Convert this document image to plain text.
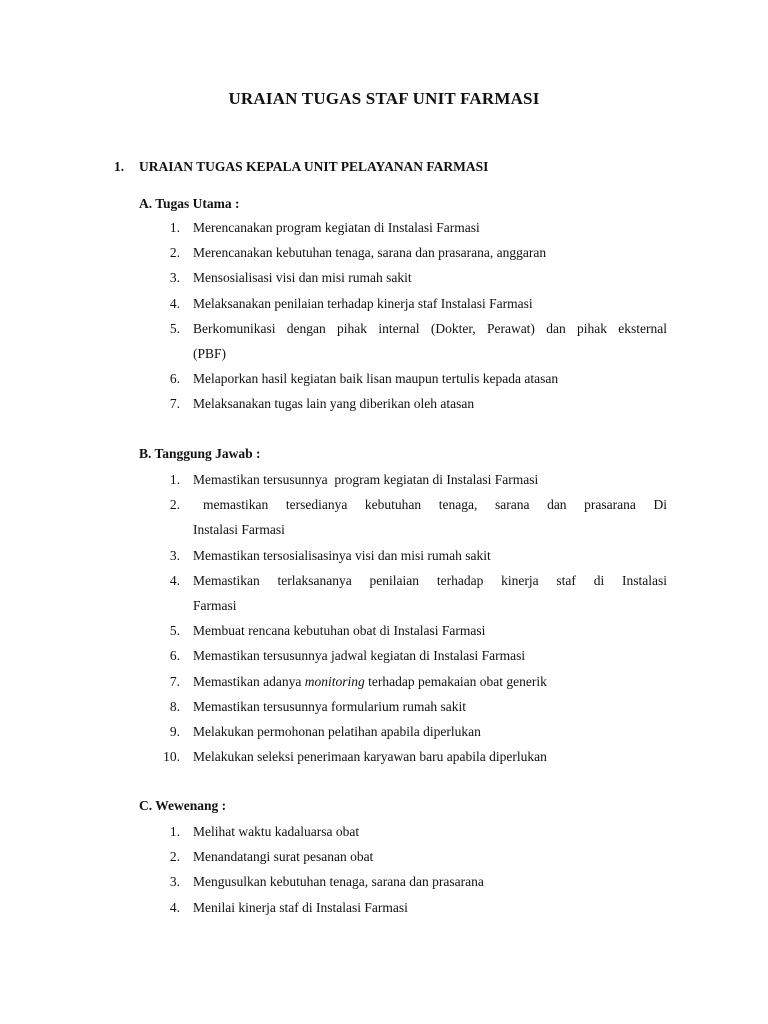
URAIAN TUGAS STAF UNIT FARMASI
1. URAIAN TUGAS KEPALA UNIT PELAYANAN FARMASI
A. Tugas Utama :
1. Merencanakan program kegiatan di Instalasi Farmasi
2. Merencanakan kebutuhan tenaga, sarana dan prasarana, anggaran
3. Mensosialisasi visi dan misi rumah sakit
4. Melaksanakan penilaian terhadap kinerja staf Instalasi Farmasi
5. Berkomunikasi dengan pihak internal (Dokter, Perawat) dan pihak eksternal
(PBF)
6. Melaporkan hasil kegiatan baik lisan maupun tertulis kepada atasan
7. Melaksanakan tugas lain yang diberikan oleh atasan
B. Tanggung Jawab :
1. Memastikan tersusunnya  program kegiatan di Instalasi Farmasi
2.	memastikan tersedianya kebutuhan tenaga, sarana dan prasarana Di
Instalasi Farmasi
3. Memastikan tersosialisasinya visi dan misi rumah sakit
4. Memastikan terlaksananya penilaian terhadap kinerja staf di Instalasi
Farmasi
5. Membuat rencana kebutuhan obat di Instalasi Farmasi
6. Memastikan tersusunnya jadwal kegiatan di Instalasi Farmasi
7. Memastikan adanya monitoring terhadap pemakaian obat generik
8. Memastikan tersusunnya formularium rumah sakit
9. Melakukan permohonan pelatihan apabila diperlukan
10. Melakukan seleksi penerimaan karyawan baru apabila diperlukan
C. Wewenang :
1. Melihat waktu kadaluarsa obat
2. Menandatangi surat pesanan obat
3. Mengusulkan kebutuhan tenaga, sarana dan prasarana
4. Menilai kinerja staf di Instalasi Farmasi
